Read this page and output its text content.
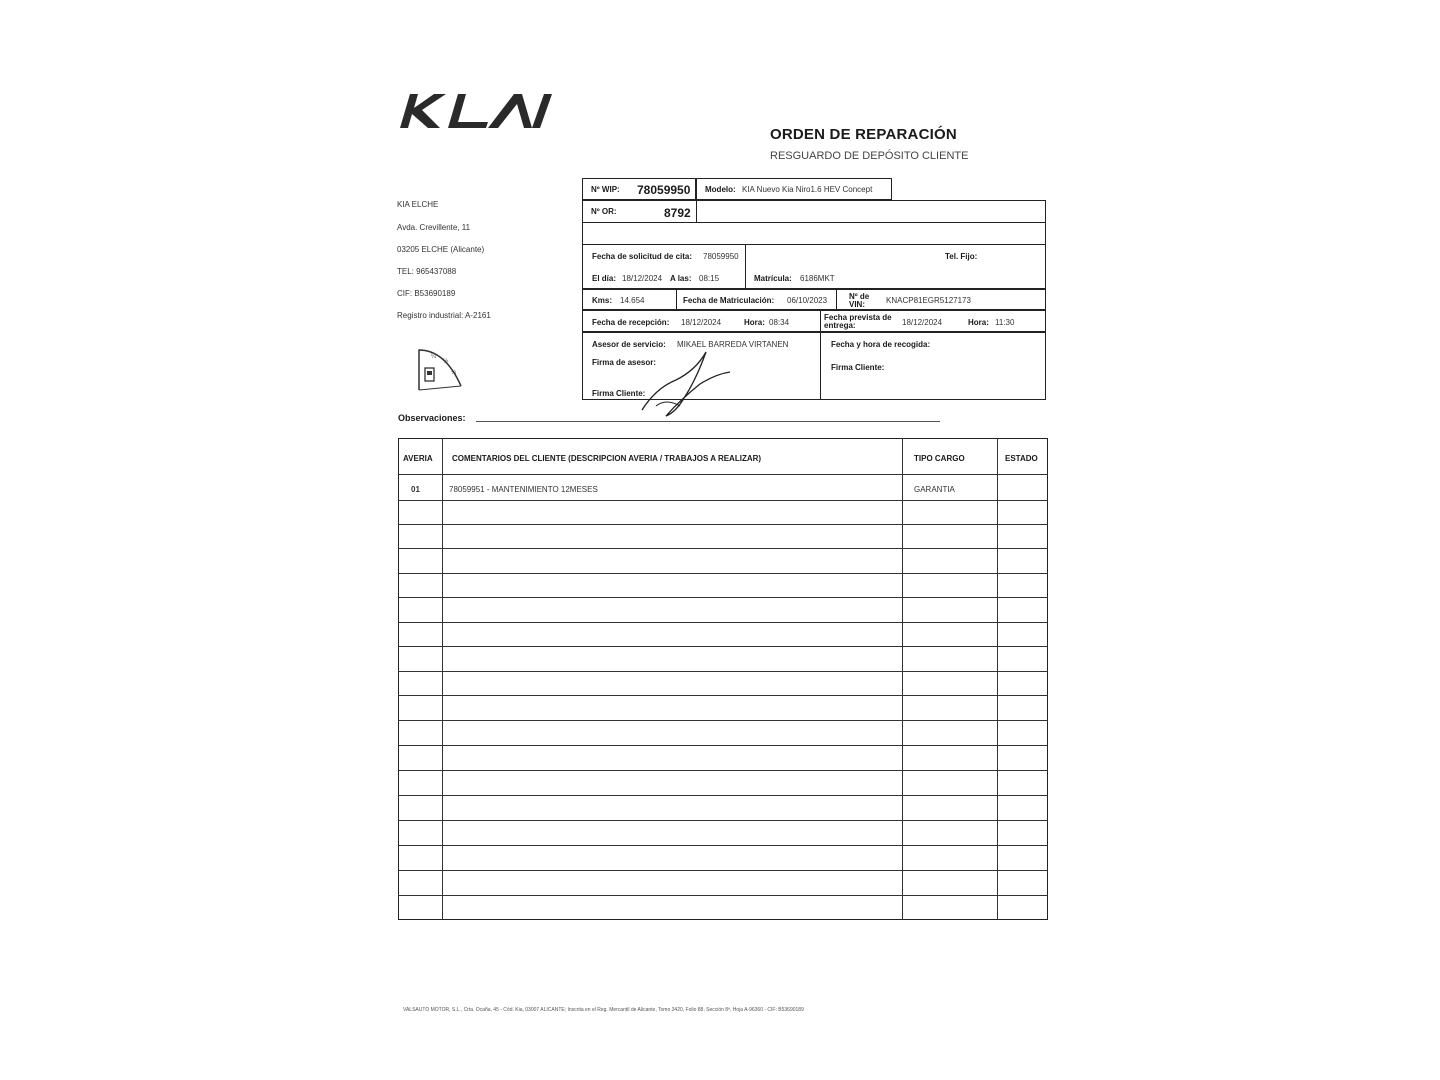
ORDEN DE REPARACIÓN
RESGUARDO DE DEPÓSITO CLIENTE
KIA ELCHE
Avda. Crevillente, 11
03205 ELCHE (Alicante)
TEL: 965437088
CIF: B53690189
Registro industrial: A-2161
¼
½
¾
Nº WIP: 78059950 Modelo: KIA Nuevo Kia Niro1.6 HEV Concept
Nº OR:	8792
Fecha de solicitud de cita: 78059950	Tel. Fijo:
El día: 18/12/2024 A las: 08:15	Matrícula: 6186MKT
Kms: 14.654	Fecha de Matriculación: 06/10/2023	Nº de
VIN:	KNACP81EGR5127173
Fecha de recepción: 18/12/2024	Hora: 08:34
Fecha prevista de
entrega:	18/12/2024	Hora: 11:30
Asesor de servicio: MIKAEL BARREDA VIRTANEN
Firma de asesor:
Firma Cliente:
Fecha y hora de recogida:
Firma Cliente:
Observaciones:
AVERIA COMENTARIOS DEL CLIENTE (DESCRIPCION AVERIA / TRABAJOS A REALIZAR)	TIPO CARGO	ESTADO
01	78059951 - MANTENIMIENTO 12MESES	GARANTIA
VALSAUTO MOTOR, S.L., Crta. Ocaña, 45 - Cód. Kia, 03007 ALICANTE; Inscrita en el Reg. Mercantil de Alicante, Tomo 3420, Folio 88, Sección 8ª, Hoja A-96360 - CIF: B53690189
